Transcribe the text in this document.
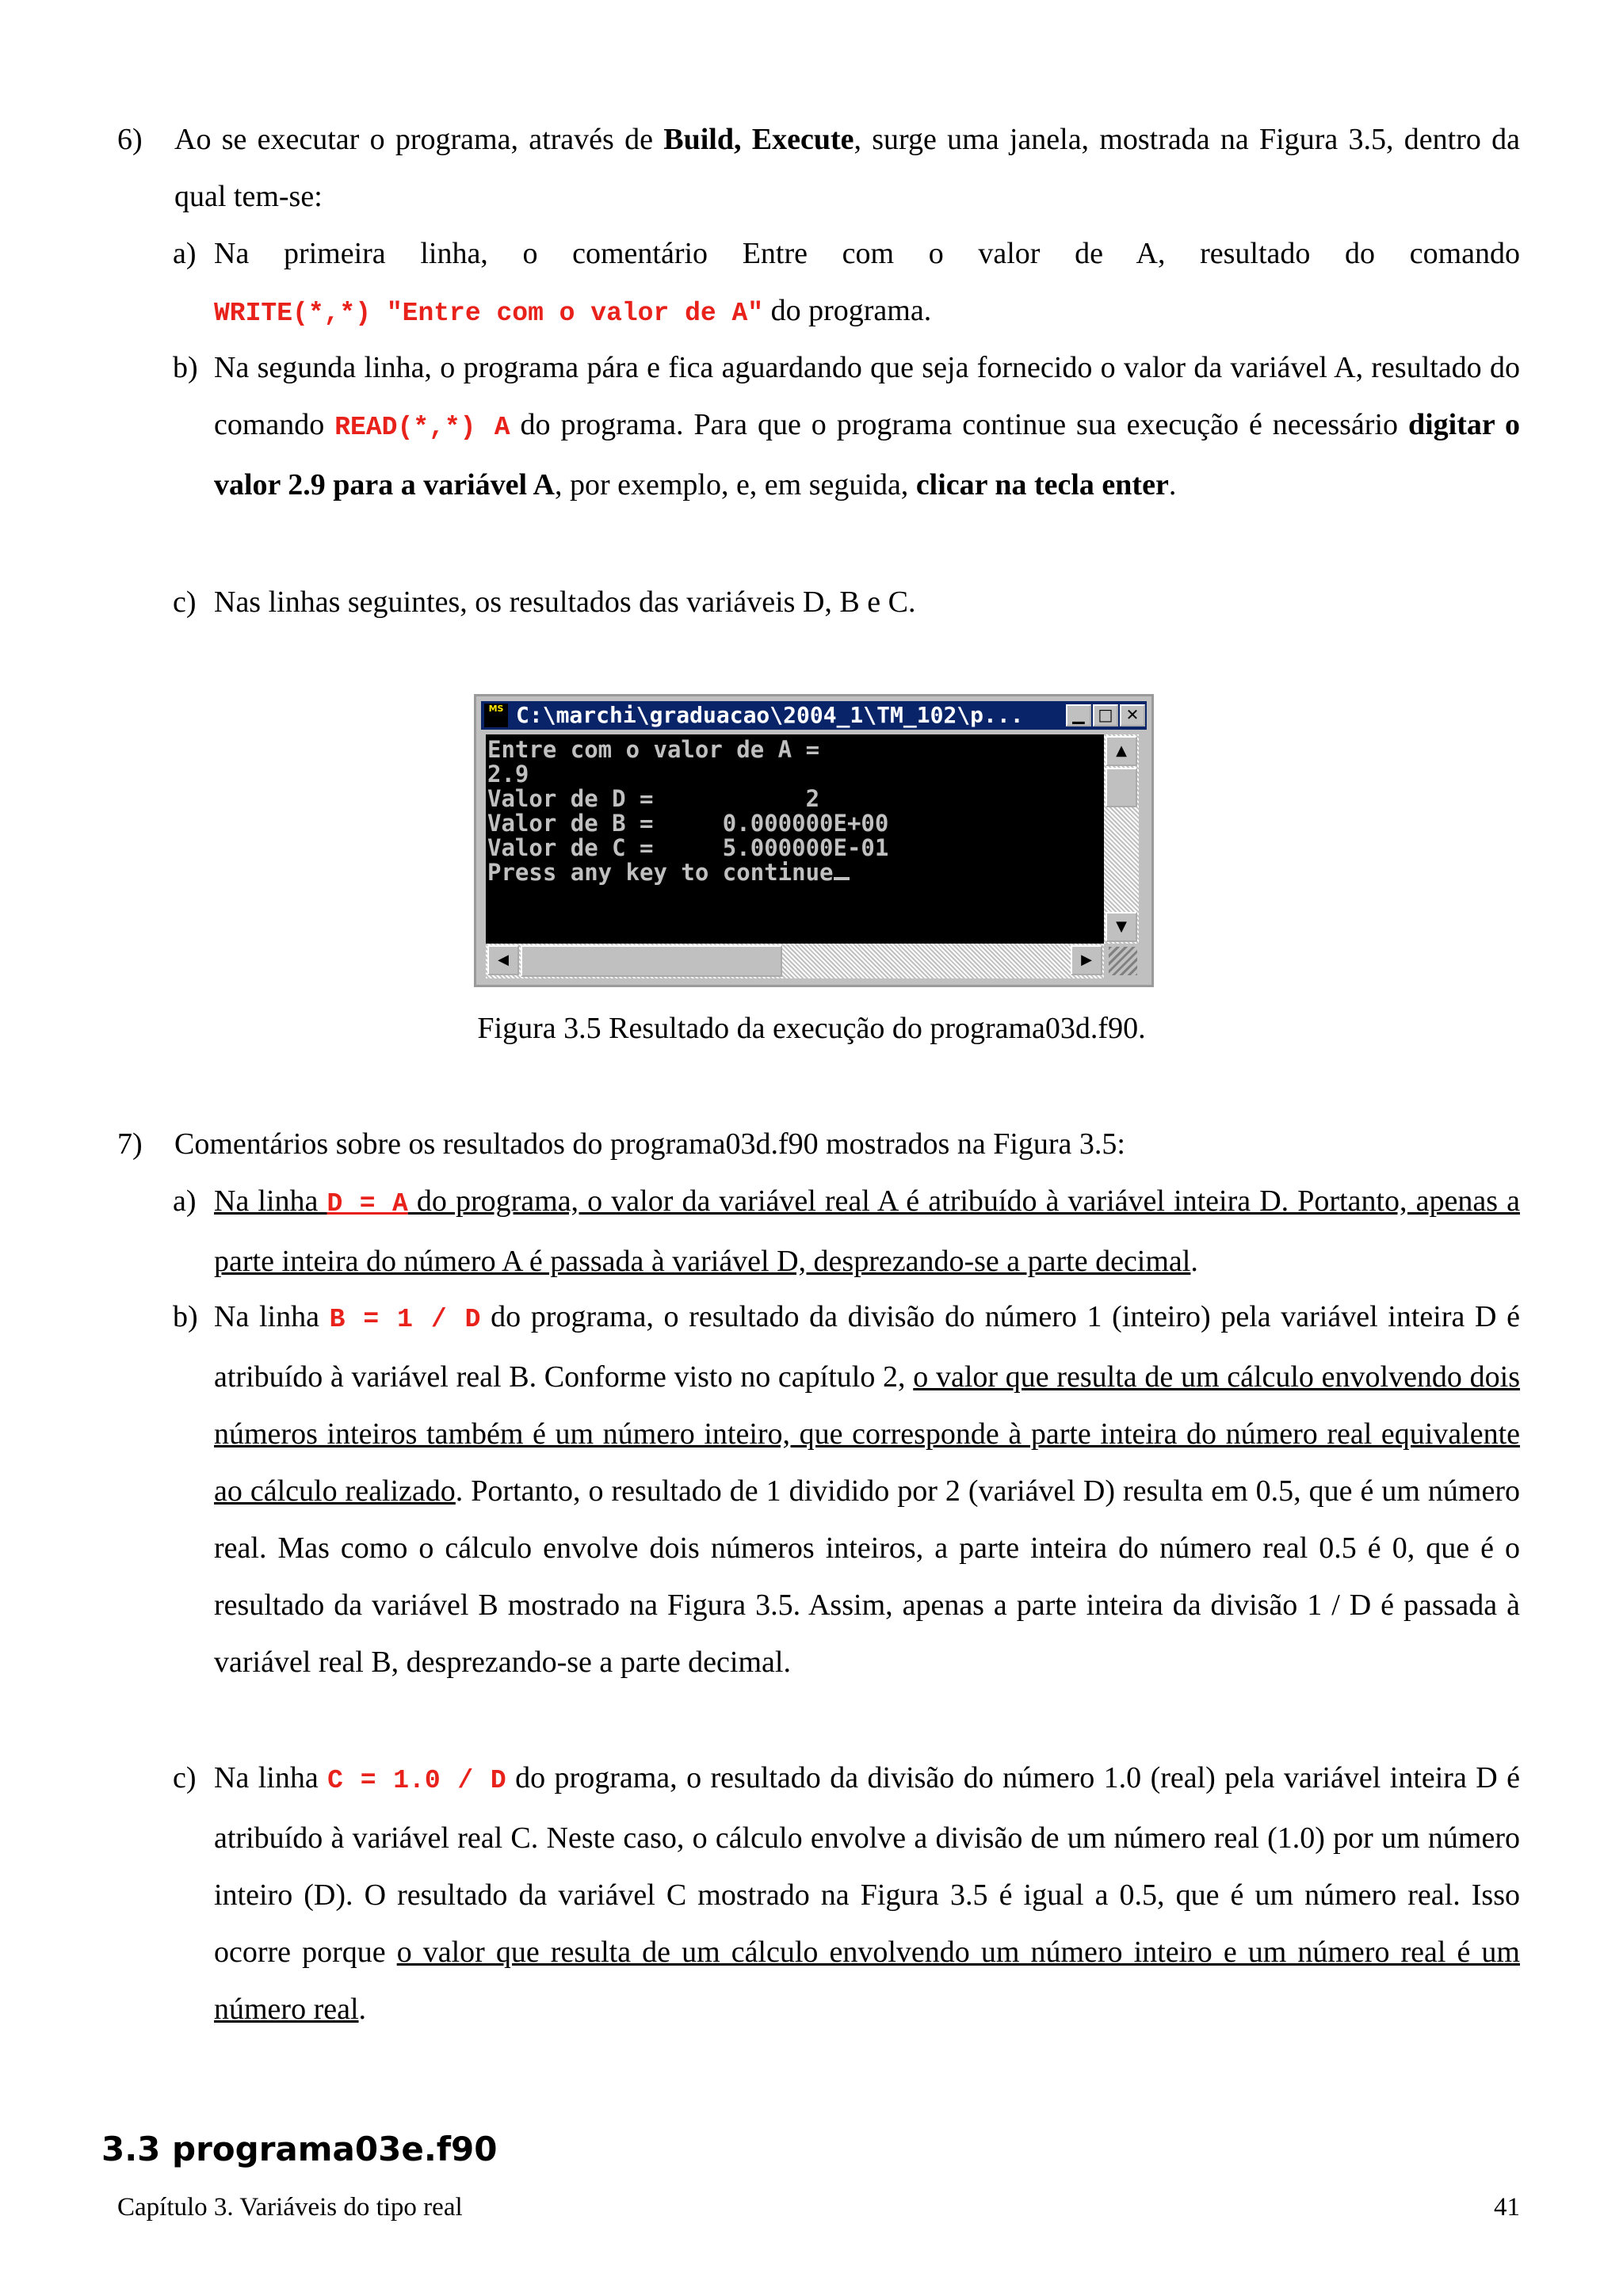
6) Ao se executar o programa, através de Build, Execute, surge uma janela, mostrada na Figura 3.5, dentro da qual tem-se:
a) Na primeira linha, o comentário Entre com o valor de A, resultado do comando WRITE(*,*) "Entre com o valor de A" do programa.
b) Na segunda linha, o programa pára e fica aguardando que seja fornecido o valor da variável A, resultado do comando READ(*,*) A do programa. Para que o programa continue sua execução é necessário digitar o valor 2.9 para a variável A, por exemplo, e, em seguida, clicar na tecla enter.
c) Nas linhas seguintes, os resultados das variáveis D, B e C.
MS C:\marchi\graduacao\2004_1\TM_102\p...	▁ □ ✕
Entre com o valor de A =
2.9
Valor de D =           2
Valor de B =     0.000000E+00
Valor de C =     5.000000E-01
Press any key to continue
▲
▼
◀	▶
Figura 3.5 Resultado da execução do programa03d.f90.
7) Comentários sobre os resultados do programa03d.f90 mostrados na Figura 3.5:
a) Na linha D = A do programa, o valor da variável real A é atribuído à variável inteira D. Portanto, apenas a parte inteira do número A é passada à variável D, desprezando-se a parte decimal.
b) Na linha B = 1 / D do programa, o resultado da divisão do número 1 (inteiro) pela variável inteira D é atribuído à variável real B. Conforme visto no capítulo 2, o valor que resulta de um cálculo envolvendo dois números inteiros também é um número inteiro, que corresponde à parte inteira do número real equivalente ao cálculo realizado. Portanto, o resultado de 1 dividido por 2 (variável D) resulta em 0.5, que é um número real. Mas como o cálculo envolve dois números inteiros, a parte inteira do número real 0.5 é 0, que é o resultado da variável B mostrado na Figura 3.5. Assim, apenas a parte inteira da divisão 1 / D é passada à variável real B, desprezando-se a parte decimal.
c) Na linha C = 1.0 / D do programa, o resultado da divisão do número 1.0 (real) pela variável inteira D é atribuído à variável real C. Neste caso, o cálculo envolve a divisão de um número real (1.0) por um número inteiro (D). O resultado da variável C mostrado na Figura 3.5 é igual a 0.5, que é um número real. Isso ocorre porque o valor que resulta de um cálculo envolvendo um número inteiro e um número real é um número real.
3.3 programa03e.f90
Capítulo 3. Variáveis do tipo real	41
